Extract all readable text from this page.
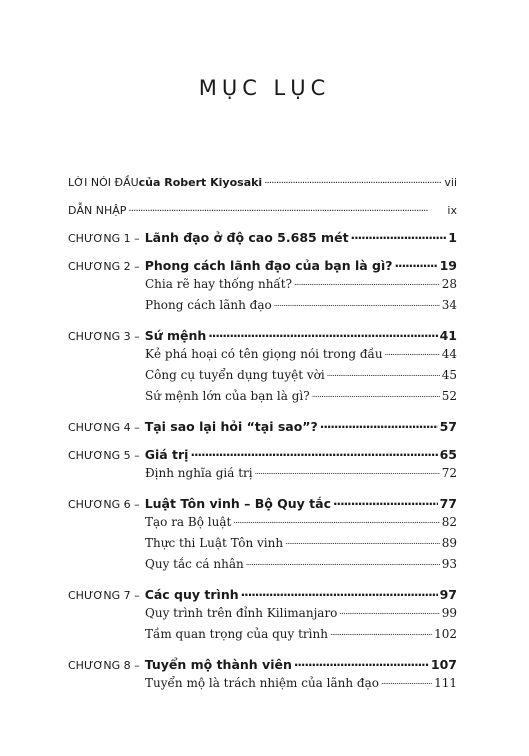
MỤC LỤC
LỜI NÓI ĐẦU của Robert Kiyosaki . . .	vii
DẪN NHẬP . . .	ix
CHƯƠNG 1 – Lãnh đạo ở độ cao 5.685 mét . . .	1
CHƯƠNG 2 – Phong cách lãnh đạo của bạn là gì? . . .	19
Chia rẽ hay thống nhất? . . .	28
Phong cách lãnh đạo . . .	34
CHƯƠNG 3 – Sứ mệnh . . .	41
Kẻ phá hoại có tên giọng nói trong đầu . . .	44
Công cụ tuyển dụng tuyệt vời . . .	45
Sứ mệnh lớn của bạn là gì? . . .	52
CHƯƠNG 4 – Tại sao lại hỏi “tại sao”? . . .	57
CHƯƠNG 5 – Giá trị . . .	65
Định nghĩa giá trị . . .	72
CHƯƠNG 6 – Luật Tôn vinh – Bộ Quy tắc . . .	77
Tạo ra Bộ luật . . .	82
Thực thi Luật Tôn vinh . . .	89
Quy tắc cá nhân . . .	93
CHƯƠNG 7 – Các quy trình . . .	97
Quy trình trên đỉnh Kilimanjaro . . .	99
Tầm quan trọng của quy trình . . .	102
CHƯƠNG 8 – Tuyển mộ thành viên . . .	107
Tuyển mộ là trách nhiệm của lãnh đạo . . .	111
